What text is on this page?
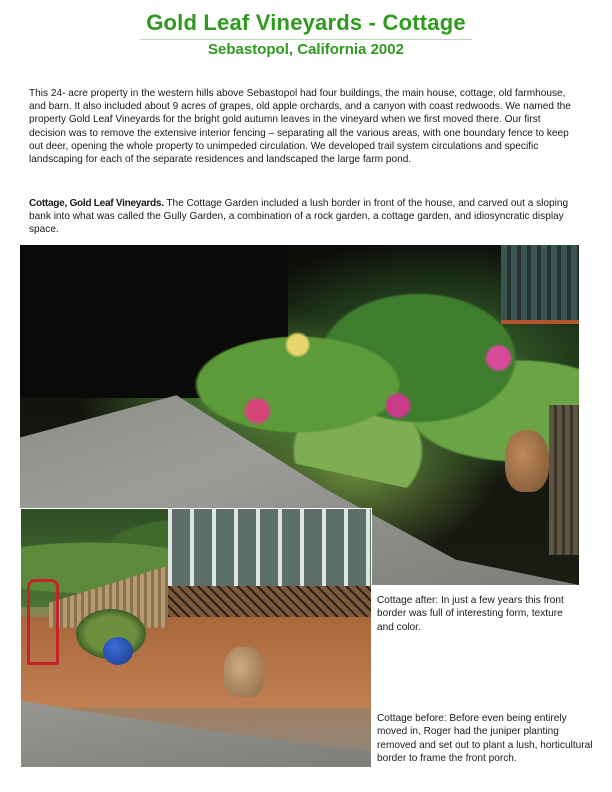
Gold Leaf Vineyards - Cottage
Sebastopol, California 2002

This 24- acre property in the western hills above Sebastopol had four buildings, the main house, cottage, old farmhouse, and barn. It also included about 9 acres of grapes, old apple orchards, and a canyon with coast redwoods. We named the property Gold Leaf Vineyards for the bright gold autumn leaves in the vineyard when we first moved there. Our first decision was to remove the extensive interior fencing – separating all the various areas, with one boundary fence to keep out deer, opening the whole property to unimpeded circulation. We developed trail system circulations and specific landscaping for each of the separate residences and landscaped the large farm pond.

Cottage, Gold Leaf Vineyards. The Cottage Garden included a lush border in front of the house, and carved out a sloping bank into what was called the Gully Garden, a combination of a rock garden, a cottage garden, and idiosyncratic display space.

Cottage after: In just a few years this front border was full of interesting form, texture and color.

Cottage before: Before even being entirely moved in, Roger had the juniper planting removed and set out to plant a lush, horticultural border to frame the front porch.
